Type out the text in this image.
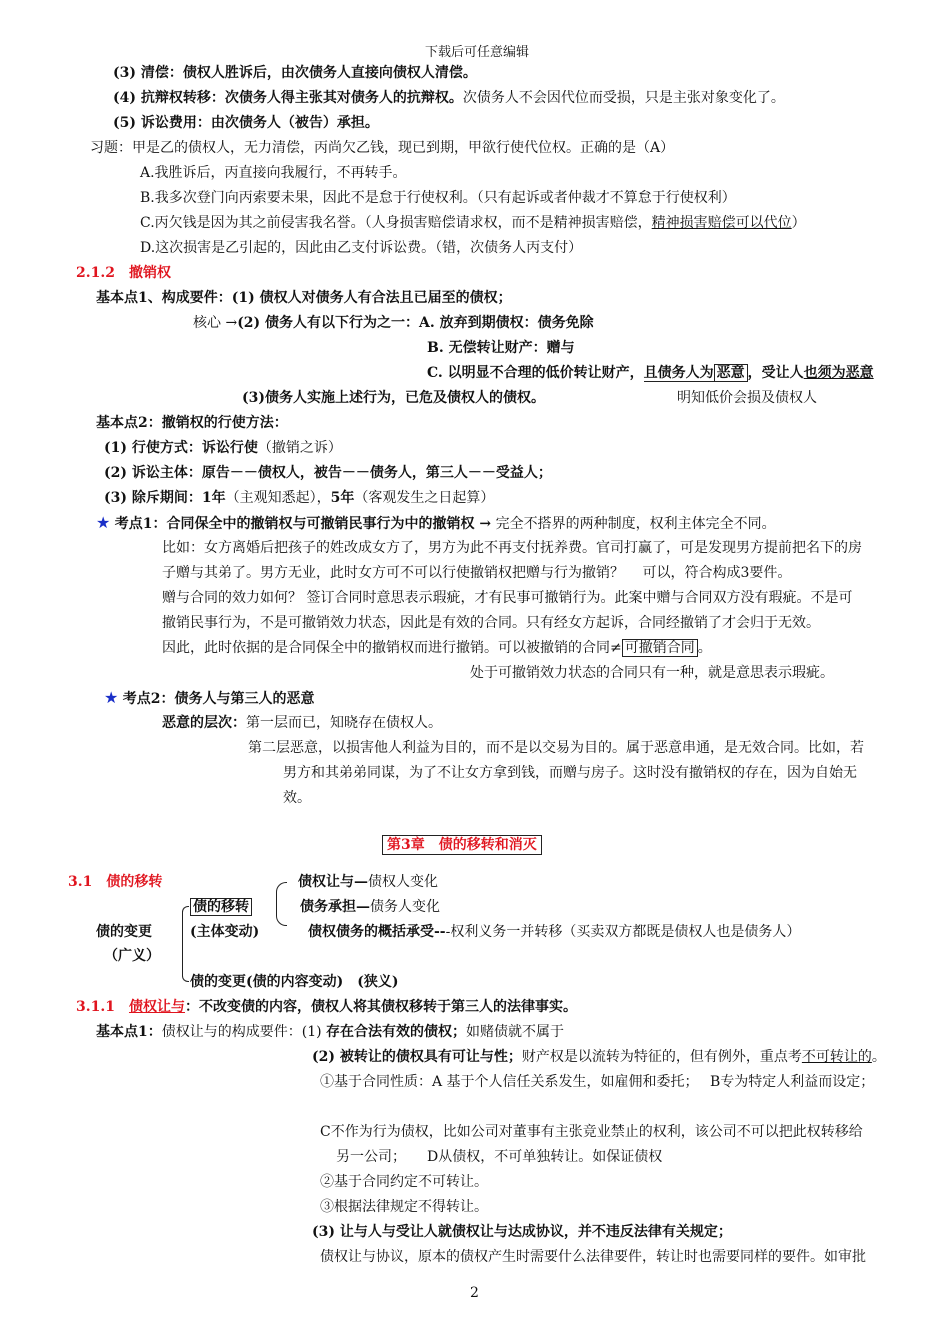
下载后可任意编辑
(3) 清偿：债权人胜诉后，由次债务人直接向债权人清偿。
(4) 抗辩权转移：次债务人得主张其对债务人的抗辩权。次债务人不会因代位而受损，只是主张对象变化了。
(5) 诉讼费用：由次债务人（被告）承担。
习题：甲是乙的债权人，无力清偿，丙尚欠乙钱，现已到期，甲欲行使代位权。正确的是（A）
A.我胜诉后，丙直接向我履行，不再转手。
B.我多次登门向丙索要未果，因此不是怠于行使权利。（只有起诉或者仲裁才不算怠于行使权利）
C.丙欠钱是因为其之前侵害我名誉。（人身损害赔偿请求权，而不是精神损害赔偿，精神损害赔偿可以代位）
D.这次损害是乙引起的，因此由乙支付诉讼费。（错，次债务人丙支付）
2.1.2　 撤销权
基本点1、构成要件：(1) 债权人对债务人有合法且已届至的债权；
核心 →(2) 债务人有以下行为之一：A. 放弃到期债权：债务免除
B. 无偿转让财产：赠与
C. 以明显不合理的低价转让财产，且债务人为 恶意 ，受让人也须为恶意
(3)债务人实施上述行为，已危及债权人的债权。	明知低价会损及债权人
基本点2：撤销权的行使方法：
(1) 行使方式：诉讼行使（撤销之诉）
(2) 诉讼主体：原告－－债权人，被告－－债务人，第三人－－受益人；
(3) 除斥期间：1年（主观知悉起），5年（客观发生之日起算）
★ 考点1：合同保全中的撤销权与可撤销民事行为中的撤销权 → 完全不搭界的两种制度，权利主体完全不同。
比如：女方离婚后把孩子的姓改成女方了，男方为此不再支付抚养费。官司打赢了，可是发现男方提前把名下的房
子赠与其弟了。男方无业，此时女方可不可以行使撤销权把赠与行为撤销？　 可以，符合构成3要件。
赠与合同的效力如何？ 签订合同时意思表示瑕疵，才有民事可撤销行为。此案中赠与合同双方没有瑕疵。不是可
撤销民事行为，不是可撤销效力状态，因此是有效的合同。只有经女方起诉，合同经撤销了才会归于无效。
因此，此时依据的是合同保全中的撤销权而进行撤销。可以被撤销的合同≠ 可撤销合同 。
处于可撤销效力状态的合同只有一种，就是意思表示瑕疵。
★ 考点2：债务人与第三人的恶意
恶意的层次：第一层而已，知晓存在债权人。
第二层恶意，以损害他人利益为目的，而不是以交易为目的。属于恶意串通，是无效合同。比如，若
男方和其弟弟同谋，为了不让女方拿到钱，而赠与房子。这时没有撤销权的存在，因为自始无
效。
第3章　债的移转和消灭
3.1　 债的移转
债的变更
（广义）
债的移转
(主体变动)
债的变更(债的内容变动)　(狭义)
债权让与—债权人变化
债务承担—债务人变化
债权债务的概括承受---权利义务一并转移（买卖双方都既是债权人也是债务人）
3.1.1　 债权让与：不改变债的内容，债权人将其债权移转于第三人的法律事实。
基本点1：债权让与的构成要件：(1) 存在合法有效的债权；如赌债就不属于
(2) 被转让的债权具有可让与性；财产权是以流转为特征的，但有例外，重点考不可转让的。
①基于合同性质：A 基于个人信任关系发生，如雇佣和委托；　 B专为特定人利益而设定；
C不作为行为债权，比如公司对董事有主张竞业禁止的权利，该公司不可以把此权转移给
另一公司；　　D从债权，不可单独转让。如保证债权
②基于合同约定不可转让。
③根据法律规定不得转让。
(3) 让与人与受让人就债权让与达成协议，并不违反法律有关规定；
债权让与协议，原本的债权产生时需要什么法律要件，转让时也需要同样的要件。如审批
2
